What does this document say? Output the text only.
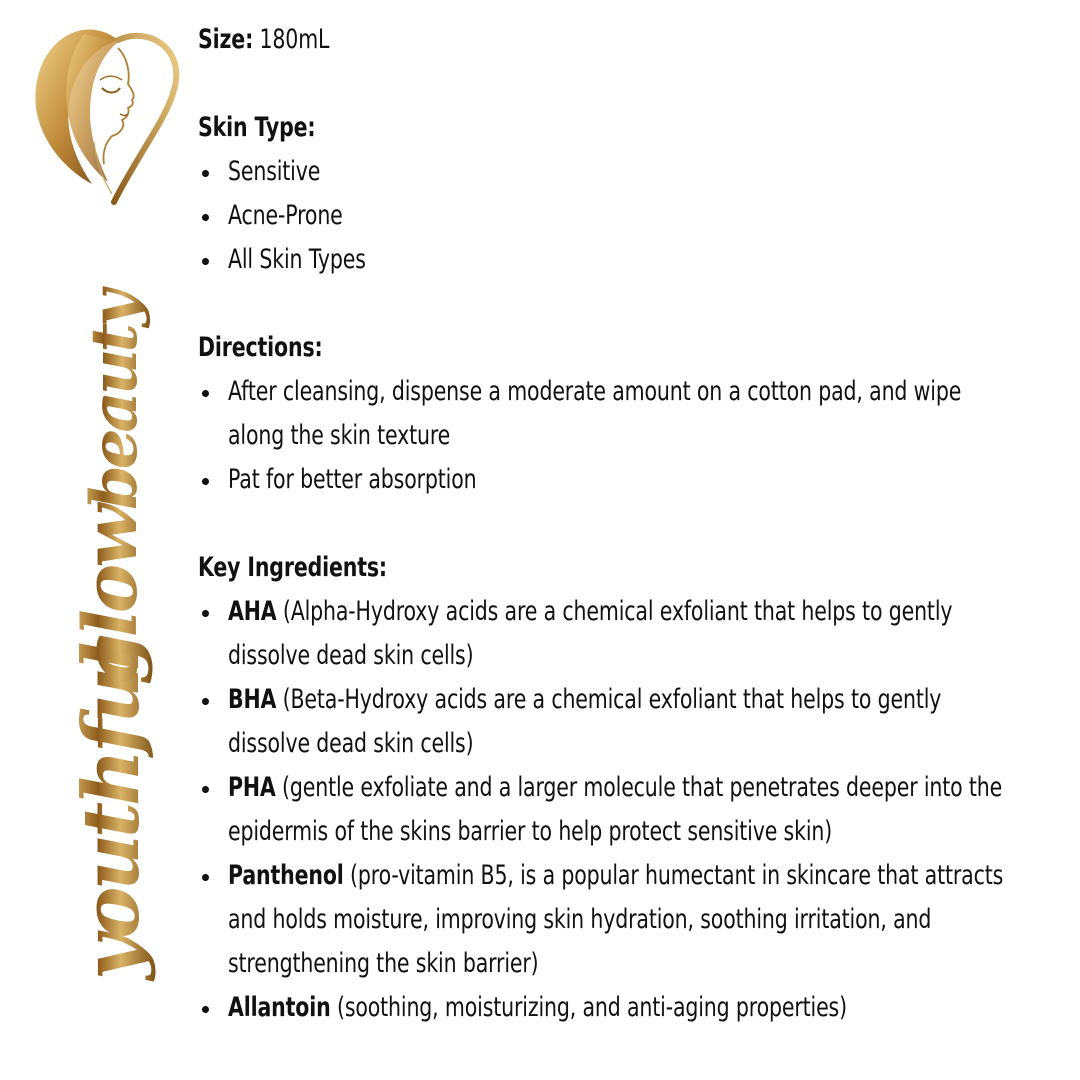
youthful
glow
beauty
Size: 180mL
Skin Type:
Sensitive
Acne-Prone
All Skin Types
Directions:
After cleansing, dispense a moderate amount on a cotton pad, and wipe along the skin texture
Pat for better absorption
Key Ingredients:
AHA (Alpha-Hydroxy acids are a chemical exfoliant that helps to gently dissolve dead skin cells)
BHA (Beta-Hydroxy acids are a chemical exfoliant that helps to gently dissolve dead skin cells)
PHA (gentle exfoliate and a larger molecule that penetrates deeper into the epidermis of the skins barrier to help protect sensitive skin)
Panthenol (pro-vitamin B5, is a popular humectant in skincare that attracts and holds moisture, improving skin hydration, soothing irritation, and strengthening the skin barrier)
Allantoin (soothing, moisturizing, and anti-aging properties)
